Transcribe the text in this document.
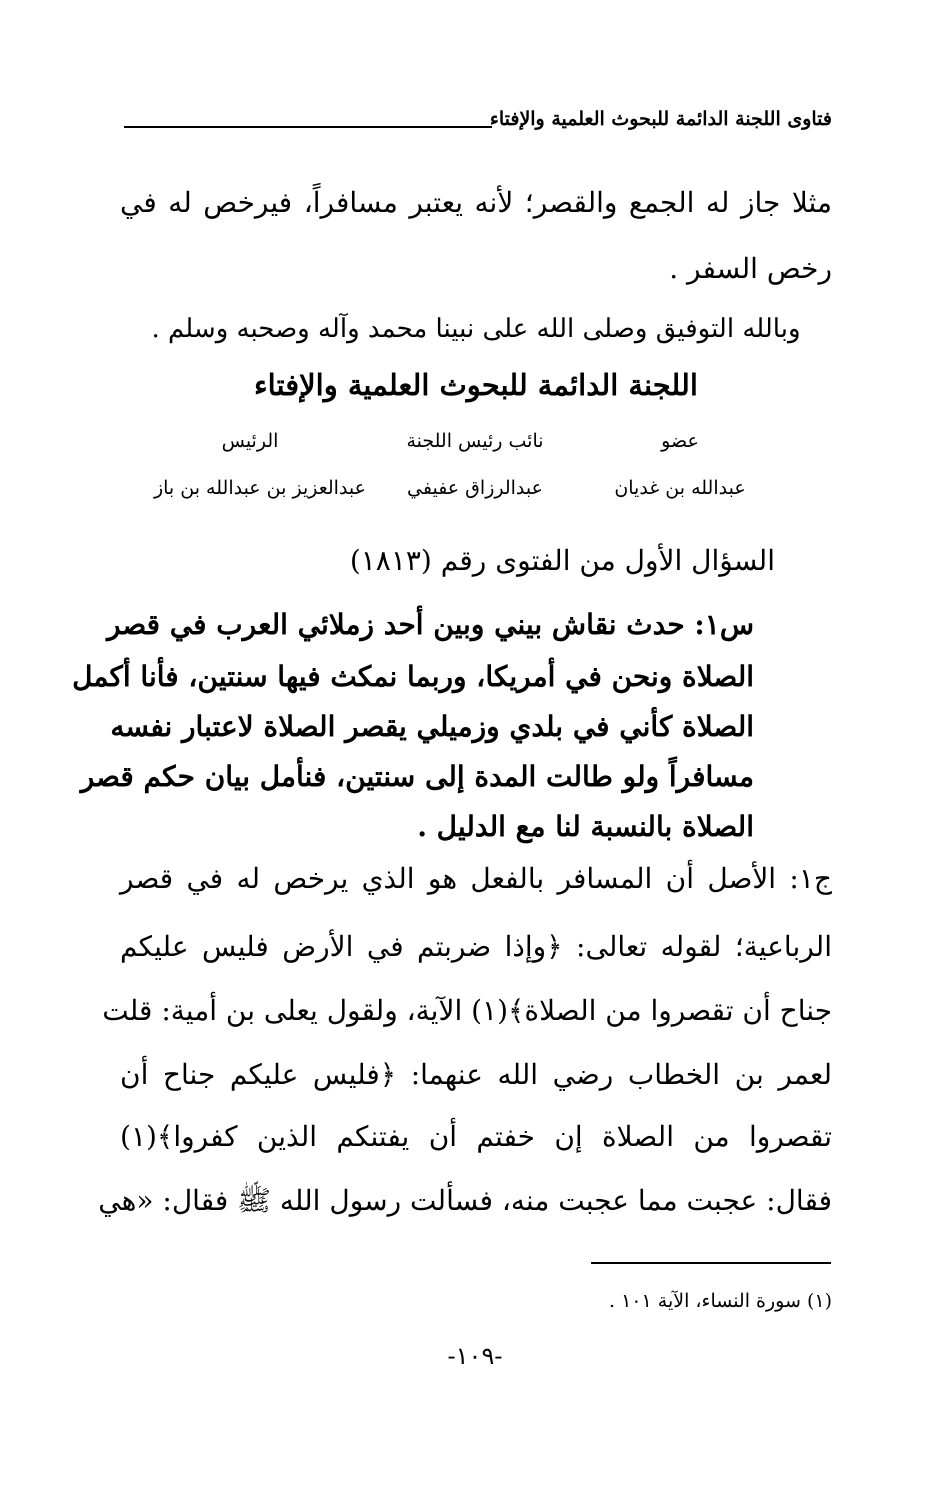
فتاوى اللجنة الدائمة للبحوث العلمية والإفتاء
مثلا جاز له الجمع والقصر؛ لأنه يعتبر مسافراً، فيرخص له في
رخص السفر .
وبالله التوفيق وصلى الله على نبينا محمد وآله وصحبه وسلم .
اللجنة الدائمة للبحوث العلمية والإفتاء
عضو
نائب رئيس اللجنة
الرئيس
عبدالله بن غديان
عبدالرزاق عفيفي
عبدالعزيز بن عبدالله بن باز
السؤال الأول من الفتوى رقم (١٨١٣)
س١: حدث نقاش بيني وبين أحد زملائي العرب في قصر
الصلاة ونحن في أمريكا، وربما نمكث فيها سنتين، فأنا أكمل
الصلاة كأني في بلدي وزميلي يقصر الصلاة لاعتبار نفسه
مسافراً ولو طالت المدة إلى سنتين، فنأمل بيان حكم قصر
الصلاة بالنسبة لنا مع الدليل .
ج١: الأصل أن المسافر بالفعل هو الذي يرخص له في قصر
الرباعية؛ لقوله تعالى: ﴿وإذا ضربتم في الأرض فليس عليكم
جناح أن تقصروا من الصلاة﴾(١) الآية، ولقول يعلى بن أمية: قلت
لعمر بن الخطاب رضي الله عنهما: ﴿فليس عليكم جناح أن
تقصروا من الصلاة إن خفتم أن يفتنكم الذين كفروا﴾(١)
فقال: عجبت مما عجبت منه، فسألت رسول الله ﷺ فقال: «هي
(١) سورة النساء، الآية ١٠١ .
-١٠٩-
